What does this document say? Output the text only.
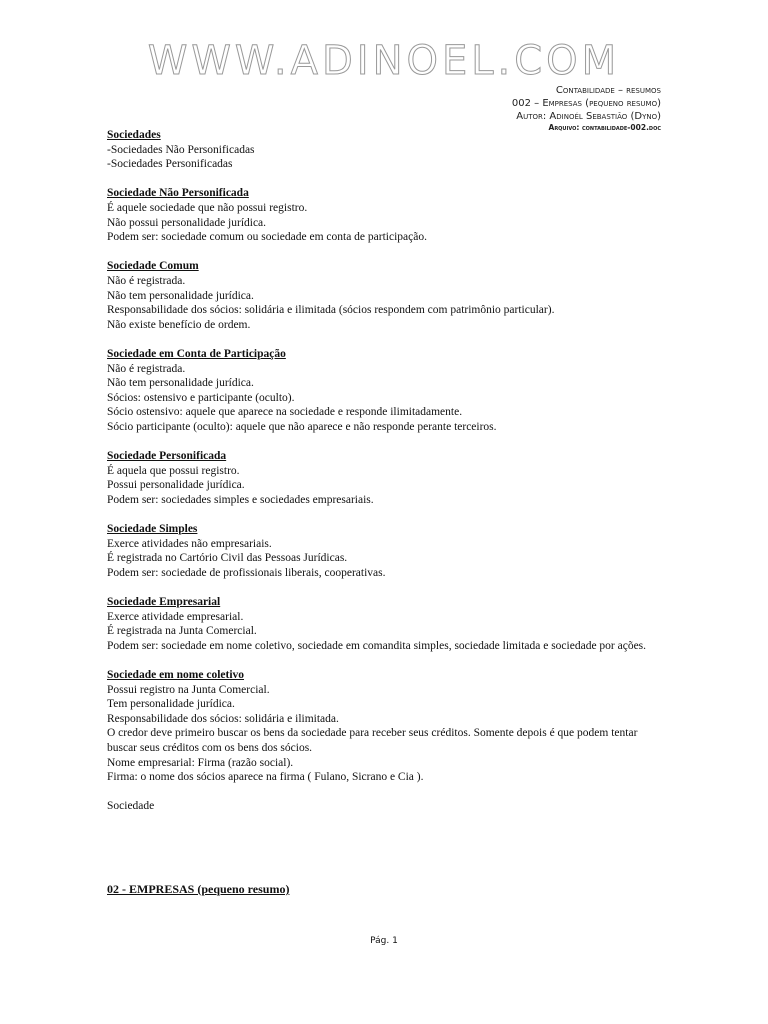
WWW.ADINOEL.COM
Contabilidade – resumos
002 – Empresas (pequeno resumo)
Autor: Adinoél Sebastião (Dyno)
Arquivo: contabilidade-002.doc
Sociedades
-Sociedades Não Personificadas
-Sociedades Personificadas
Sociedade Não Personificada
É aquele sociedade que não possui registro.
Não possui personalidade jurídica.
Podem ser: sociedade comum ou sociedade em conta de participação.
Sociedade Comum
Não é registrada.
Não tem personalidade jurídica.
Responsabilidade dos sócios: solidária e ilimitada (sócios respondem com patrimônio particular).
Não existe benefício de ordem.
Sociedade em Conta de Participação
Não é registrada.
Não tem personalidade jurídica.
Sócios: ostensivo e participante (oculto).
Sócio ostensivo: aquele que aparece na sociedade e responde ilimitadamente.
Sócio participante (oculto): aquele que não aparece e não responde perante terceiros.
Sociedade Personificada
É aquela que possui registro.
Possui personalidade jurídica.
Podem ser: sociedades simples e sociedades empresariais.
Sociedade Simples
Exerce atividades não empresariais.
É registrada no Cartório Civil das Pessoas Jurídicas.
Podem ser: sociedade de profissionais liberais, cooperativas.
Sociedade Empresarial
Exerce atividade empresarial.
É registrada na Junta Comercial.
Podem ser: sociedade em nome coletivo, sociedade em comandita simples, sociedade limitada e sociedade por ações.
Sociedade em nome coletivo
Possui registro na Junta Comercial.
Tem personalidade jurídica.
Responsabilidade dos sócios: solidária e ilimitada.
O credor deve primeiro buscar os bens da sociedade para receber seus créditos. Somente depois é que podem tentar buscar seus créditos com os bens dos sócios.
Nome empresarial: Firma (razão social).
Firma: o nome dos sócios aparece na firma ( Fulano, Sicrano e Cia ).
Sociedade
02 - EMPRESAS (pequeno resumo)
Pág. 1
